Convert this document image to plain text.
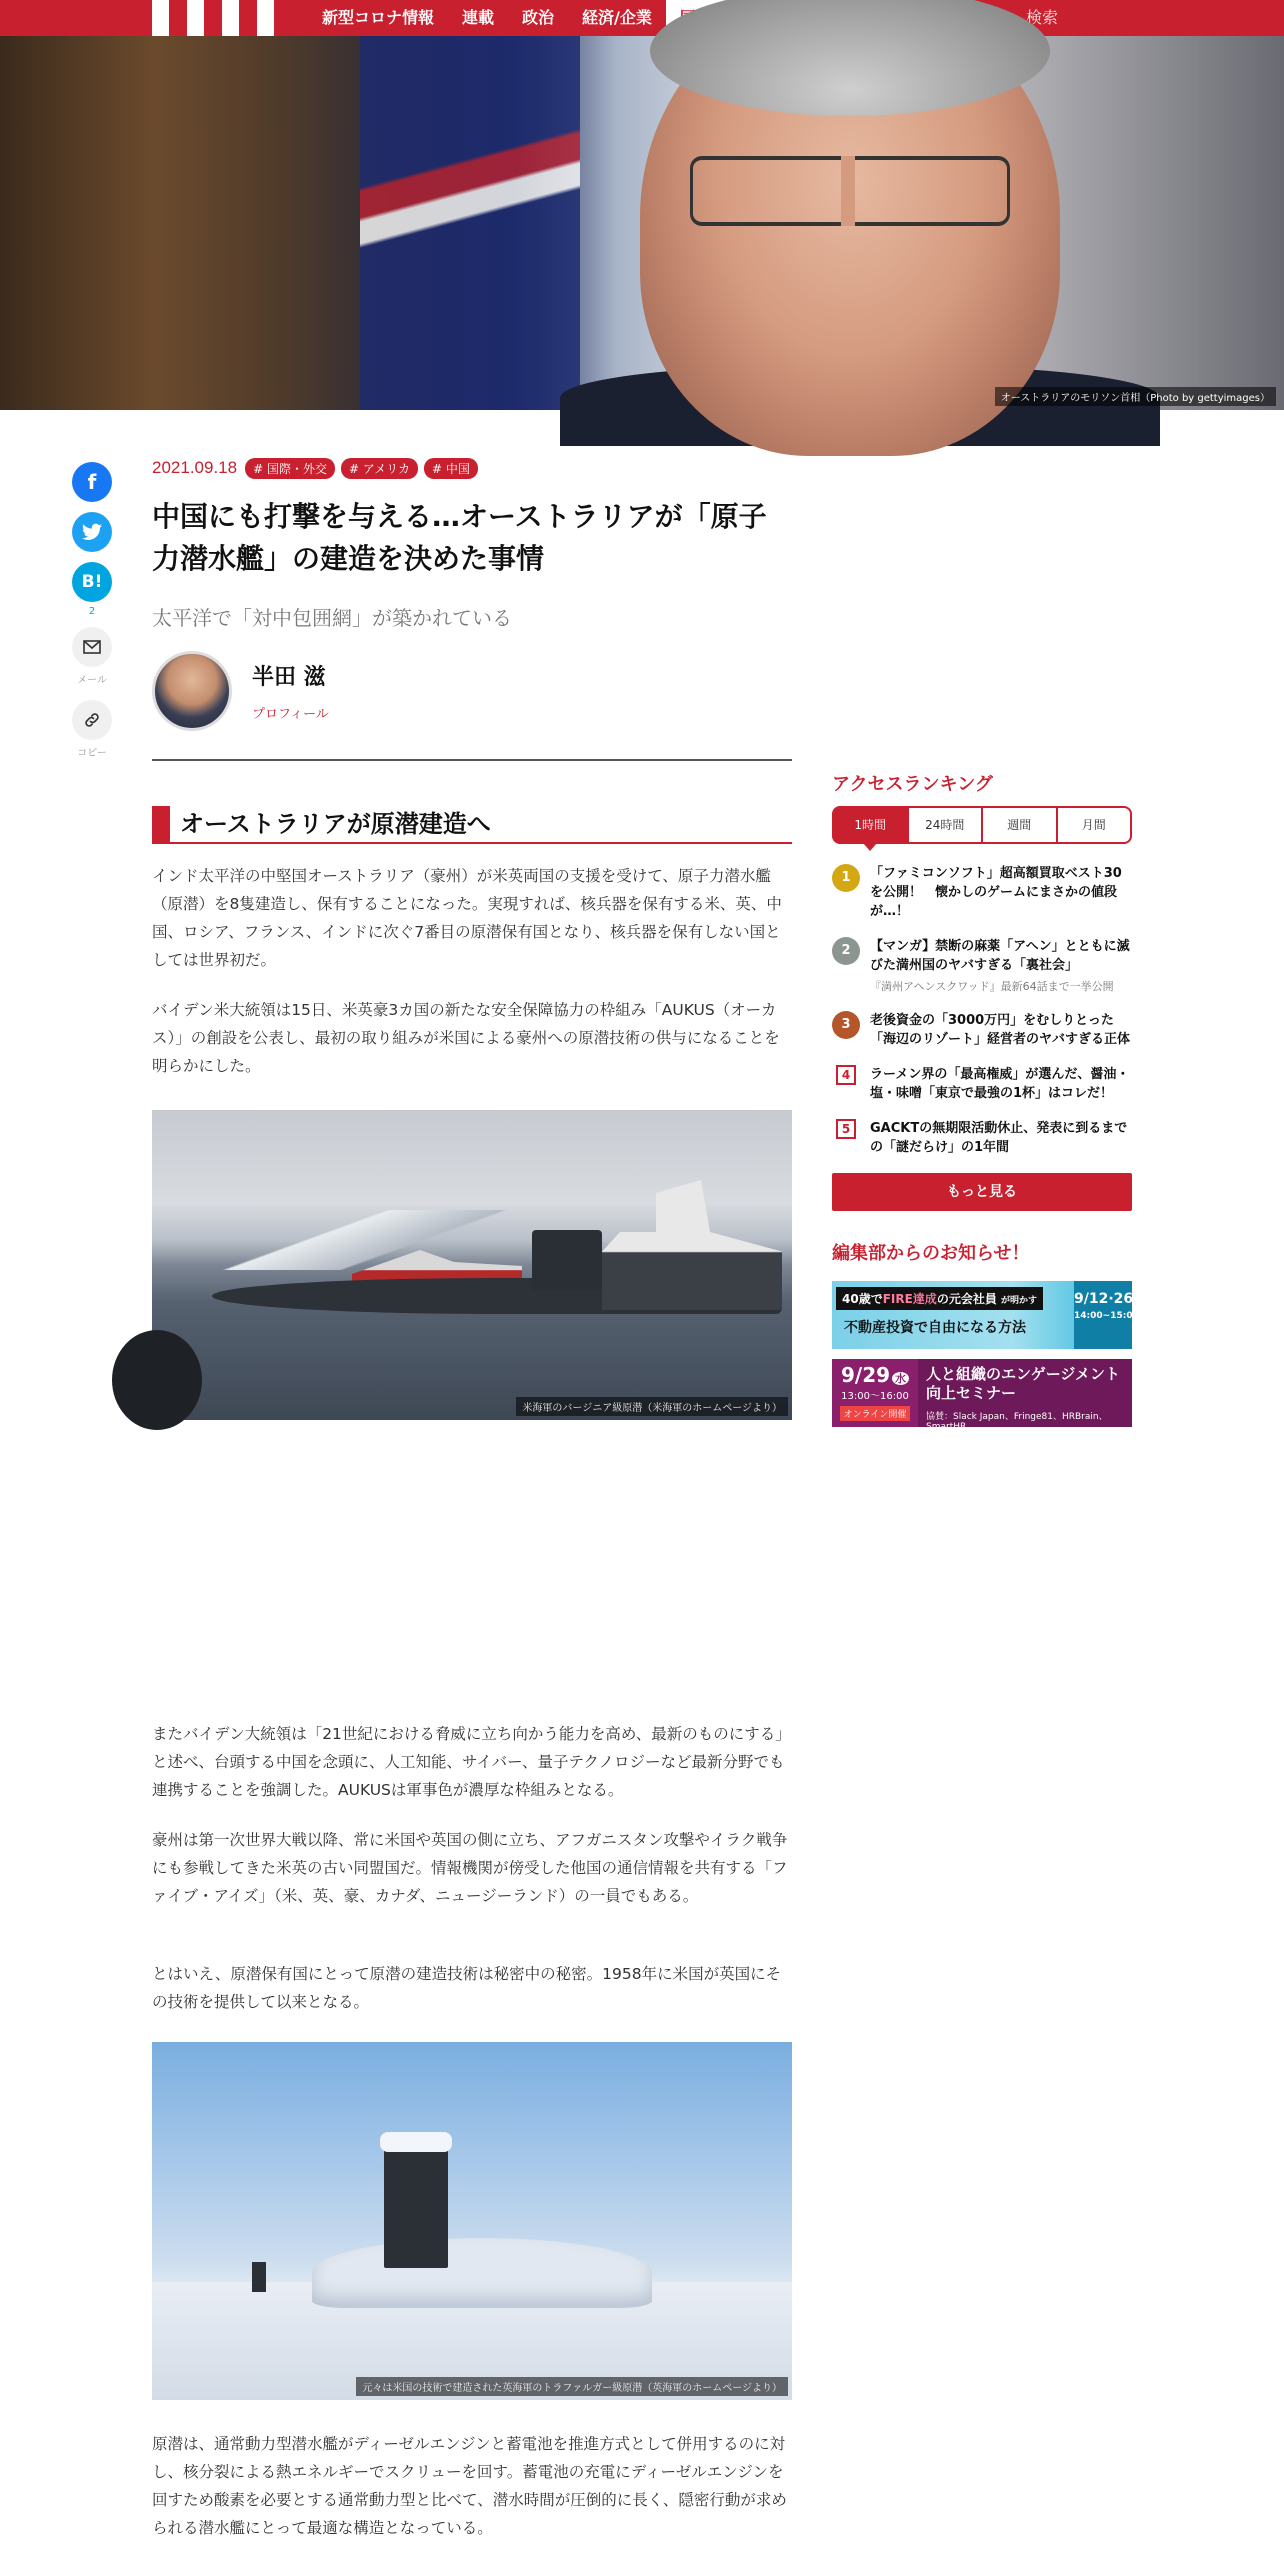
新型コロナ情報	連載	政治	経済/企業	検索
オーストラリアのモリソン首相（Photo by gettyimages）
f
B!
2
メール
コピー
2021.09.18	# 国際・外交	# アメリカ	# 中国
中国にも打撃を与える…オーストラリアが「原子力潜水艦」の建造を決めた事情
太平洋で「対中包囲網」が築かれている
半田 滋
プロフィール
オーストラリアが原潜建造へ

インド太平洋の中堅国オーストラリア（豪州）が米英両国の支援を受けて、原子力潜水艦（原潜）を8隻建造し、保有することになった。実現すれば、核兵器を保有する米、英、中国、ロシア、フランス、インドに次ぐ7番目の原潜保有国となり、核兵器を保有しない国としては世界初だ。

バイデン米大統領は15日、米英豪3カ国の新たな安全保障協力の枠組み「AUKUS（オーカス）」の創設を公表し、最初の取り組みが米国による豪州への原潜技術の供与になることを明らかにした。

米海軍のバージニア級原潜（米海軍のホームページより）

またバイデン大統領は「21世紀における脅威に立ち向かう能力を高め、最新のものにする」と述べ、台頭する中国を念頭に、人工知能、サイバー、量子テクノロジーなど最新分野でも連携することを強調した。AUKUSは軍事色が濃厚な枠組みとなる。

豪州は第一次世界大戦以降、常に米国や英国の側に立ち、アフガニスタン攻撃やイラク戦争にも参戦してきた米英の古い同盟国だ。情報機関が傍受した他国の通信情報を共有する「ファイブ・アイズ」（米、英、豪、カナダ、ニュージーランド）の一員でもある。

とはいえ、原潜保有国にとって原潜の建造技術は秘密中の秘密。1958年に米国が英国にその技術を提供して以来となる。

元々は米国の技術で建造された英海軍のトラファルガー級原潜（英海軍のホームページより）

原潜は、通常動力型潜水艦がディーゼルエンジンと蓄電池を推進方式として併用するのに対し、核分裂による熱エネルギーでスクリューを回す。蓄電池の充電にディーゼルエンジンを回すため酸素を必要とする通常動力型と比べて、潜水時間が圧倒的に長く、隠密行動が求められる潜水艦にとって最適な構造となっている。

アクセスランキング
1時間	24時間	週間	月間
1	「ファミコンソフト」超高額買取ベスト30を公開！　懐かしのゲームにまさかの値段が…！
2	【マンガ】禁断の麻薬「アヘン」とともに滅びた満州国のヤバすぎる「裏社会」
『満州アヘンスクワッド』最新64話まで一挙公開
3	老後資金の「3000万円」をむしりとった「海辺のリゾート」経営者のヤバすぎる正体
4	ラーメン界の「最高権威」が選んだ、醤油・塩・味噌「東京で最強の1杯」はコレだ！
5	GACKTの無期限活動休止、発表に到るまでの「謎だらけ」の1年間
もっと見る
編集部からのお知らせ！
40歳でFIRE達成の元会社員 が明かす
不動産投資で自由になる方法
9/12·26
14:00~15:00
9/29 水
13:00～16:00
オンライン開催
人と組織のエンゲージメント向上セミナー
協賛：Slack Japan、Fringe81、HRBrain、SmartHR
